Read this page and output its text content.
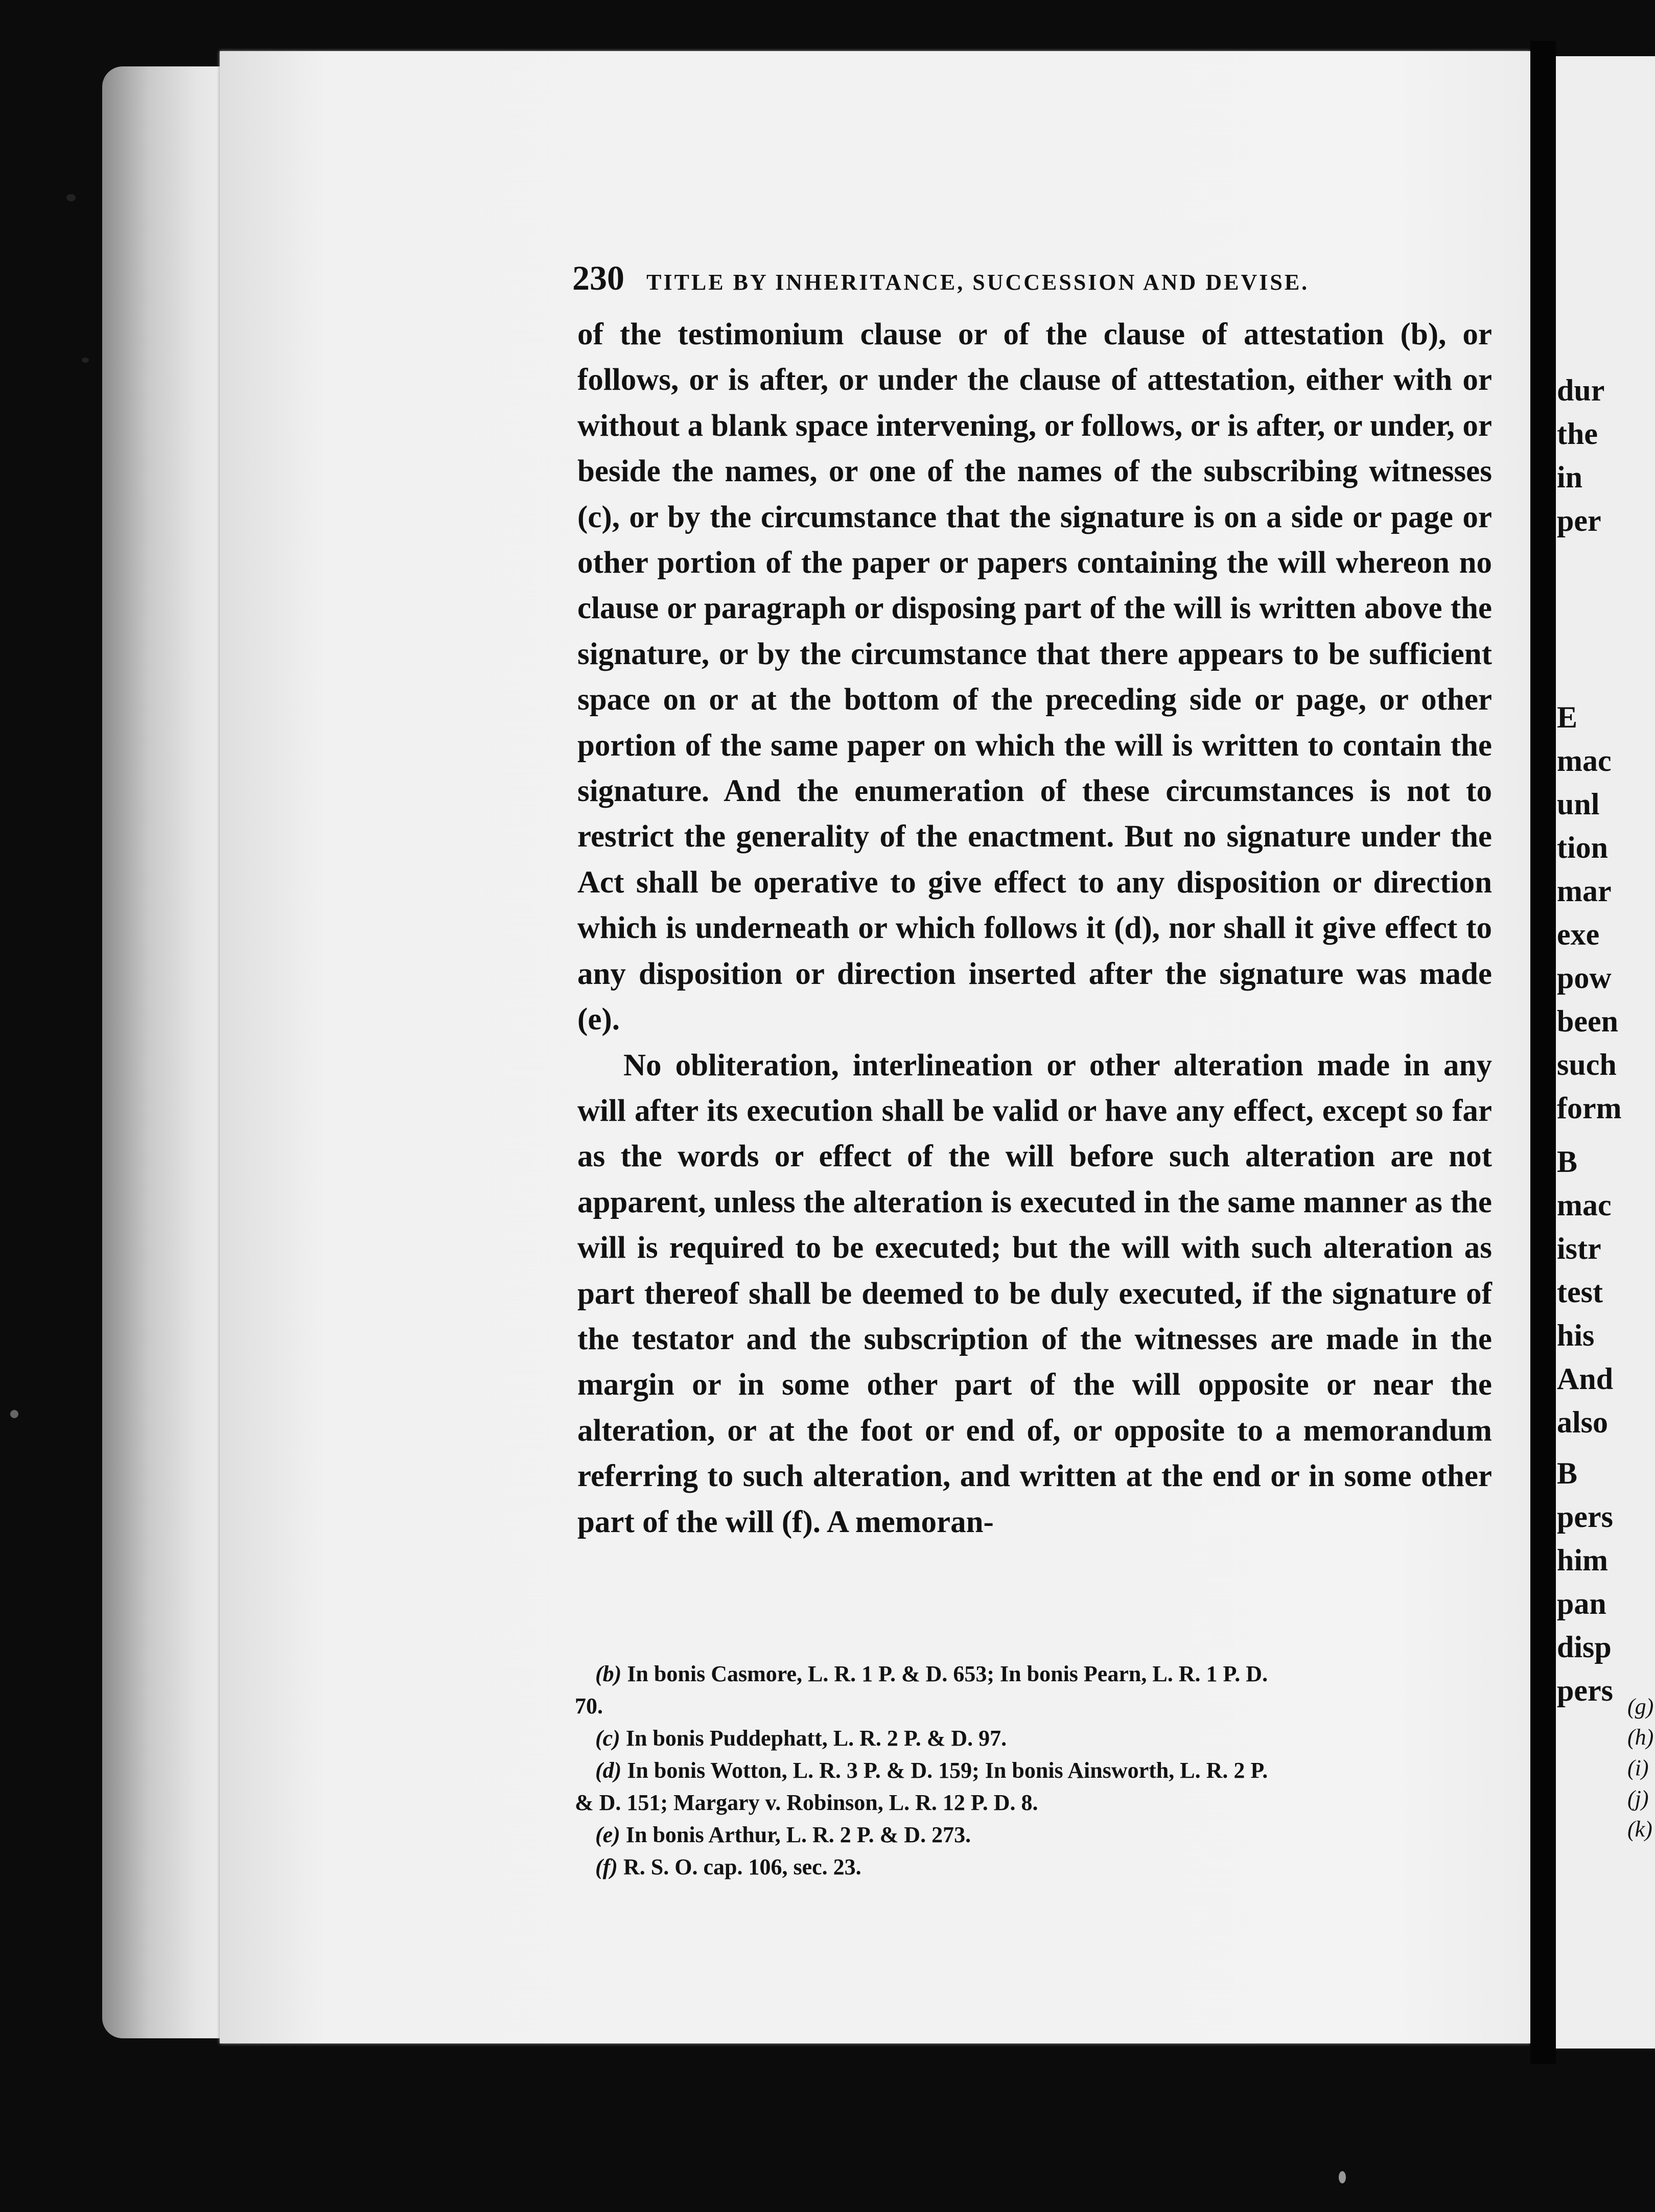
230 TITLE BY INHERITANCE, SUCCESSION AND DEVISE.

of the testimonium clause or of the clause of attestation (b), or follows, or is after, or under the clause of attestation, either with or without a blank space intervening, or follows, or is after, or under, or beside the names, or one of the names of the subscribing witnesses (c), or by the circumstance that the signature is on a side or page or other portion of the paper or papers containing the will whereon no clause or paragraph or disposing part of the will is written above the signature, or by the circumstance that there appears to be sufficient space on or at the bottom of the preceding side or page, or other portion of the same paper on which the will is written to contain the signature. And the enumeration of these circumstances is not to restrict the generality of the enactment. But no signature under the Act shall be operative to give effect to any disposition or direction which is underneath or which follows it (d), nor shall it give effect to any disposition or direction inserted after the signature was made (e).

No obliteration, interlineation or other alteration made in any will after its execution shall be valid or have any effect, except so far as the words or effect of the will before such alteration are not apparent, unless the alteration is executed in the same manner as the will is required to be executed; but the will with such alteration as part thereof shall be deemed to be duly executed, if the signature of the testator and the subscription of the witnesses are made in the margin or in some other part of the will opposite or near the alteration, or at the foot or end of, or opposite to a memorandum referring to such alteration, and written at the end or in some other part of the will (f). A memoran-

(b) In bonis Casmore, L. R. 1 P. & D. 653; In bonis Pearn, L. R. 1 P. D.

70.

(c) In bonis Puddephatt, L. R. 2 P. & D. 97.

(d) In bonis Wotton, L. R. 3 P. & D. 159; In bonis Ainsworth, L. R. 2 P.

& D. 151; Margary v. Robinson, L. R. 12 P. D. 8.

(e) In bonis Arthur, L. R. 2 P. & D. 273.

(f) R. S. O. cap. 106, sec. 23.

dur
the
in
per
E
mac
unl
tion
mar
exe
pow
been
such
form
B
mac
istr
test
his
And
also
B
pers
him
pan
disp
pers (g)
(h)
(i)
(j)
(k)
